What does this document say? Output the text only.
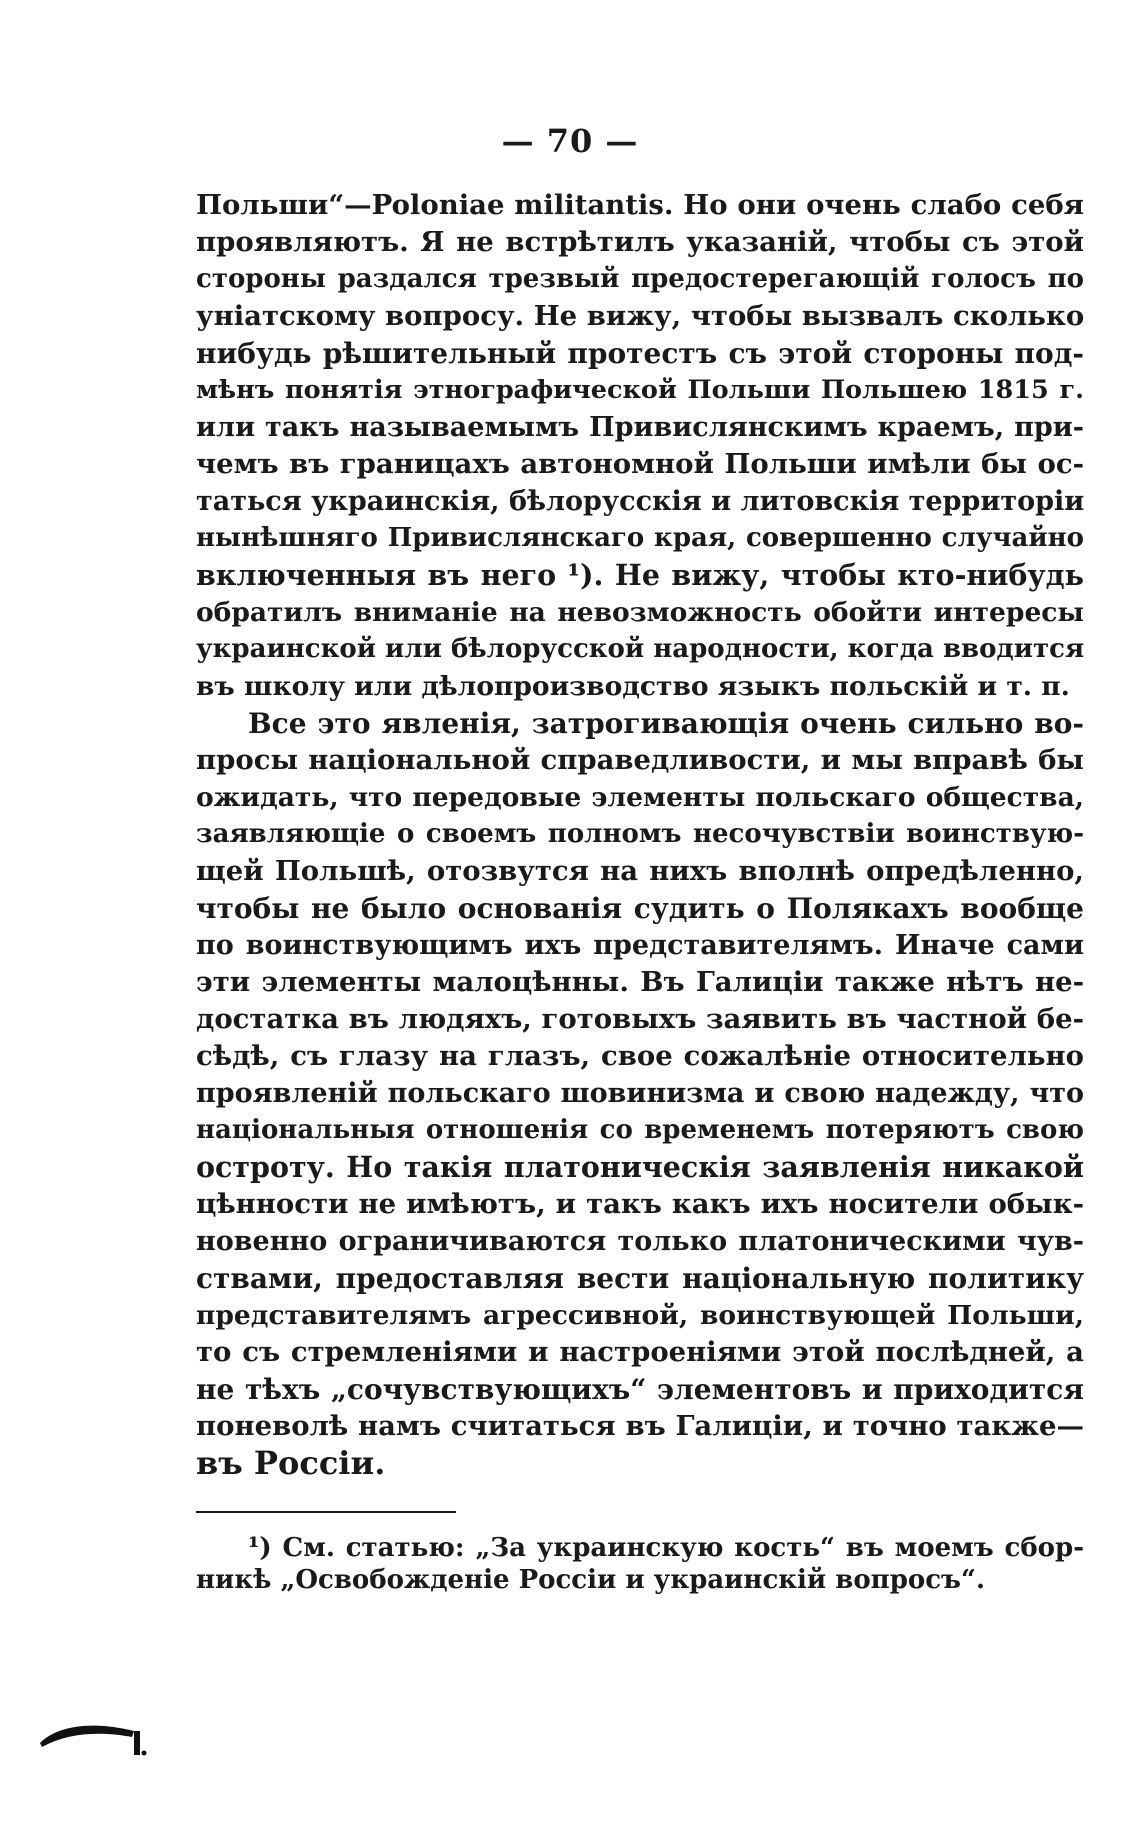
— 70 —
Польши“—Poloniae militantis. Но они очень слабо себя
проявляютъ. Я не встрѣтилъ указаній, чтобы съ этой
стороны раздался трезвый предостерегающій голосъ по
уніатскому вопросу. Не вижу, чтобы вызвалъ сколько
нибудь рѣшительный протестъ съ этой стороны под-
мѣнъ понятія этнографической Польши Польшею 1815 г.
или такъ называемымъ Привислянскимъ краемъ, при-
чемъ въ границахъ автономной Польши имѣли бы ос-
таться украинскія, бѣлорусскія и литовскія территоріи
нынѣшняго Привислянскаго края, совершенно случайно
включенныя въ него ¹). Не вижу, чтобы кто-нибудь
обратилъ вниманіе на невозможность обойти интересы
украинской или бѣлорусской народности, когда вводится
въ школу или дѣлопроизводство языкъ польскій и т. п.
Все это явленія, затрогивающія очень сильно во-
просы національной справедливости, и мы вправѣ бы
ожидать, что передовые элементы польскаго общества,
заявляющіе о своемъ полномъ несочувствіи воинствую-
щей Польшѣ, отозвутся на нихъ вполнѣ опредѣленно,
чтобы не было основанія судить о Полякахъ вообще
по воинствующимъ ихъ представителямъ. Иначе сами
эти элементы малоцѣнны. Въ Галиціи также нѣтъ не-
достатка въ людяхъ, готовыхъ заявить въ частной бе-
сѣдѣ, съ глазу на глазъ, свое сожалѣніе относительно
проявленій польскаго шовинизма и свою надежду, что
національныя отношенія со временемъ потеряютъ свою
остроту. Но такія платоническія заявленія никакой
цѣнности не имѣютъ, и такъ какъ ихъ носители обык-
новенно ограничиваются только платоническими чув-
ствами, предоставляя вести національную политику
представителямъ агрессивной, воинствующей Польши,
то съ стремленіями и настроеніями этой послѣдней, а
не тѣхъ „сочувствующихъ“ элементовъ и приходится
поневолѣ намъ считаться въ Галиціи, и точно также—
въ Россіи.
¹) См. статью: „За украинскую кость“ въ моемъ сбор-
никѣ „Освобожденіе Россіи и украинскій вопросъ“.
